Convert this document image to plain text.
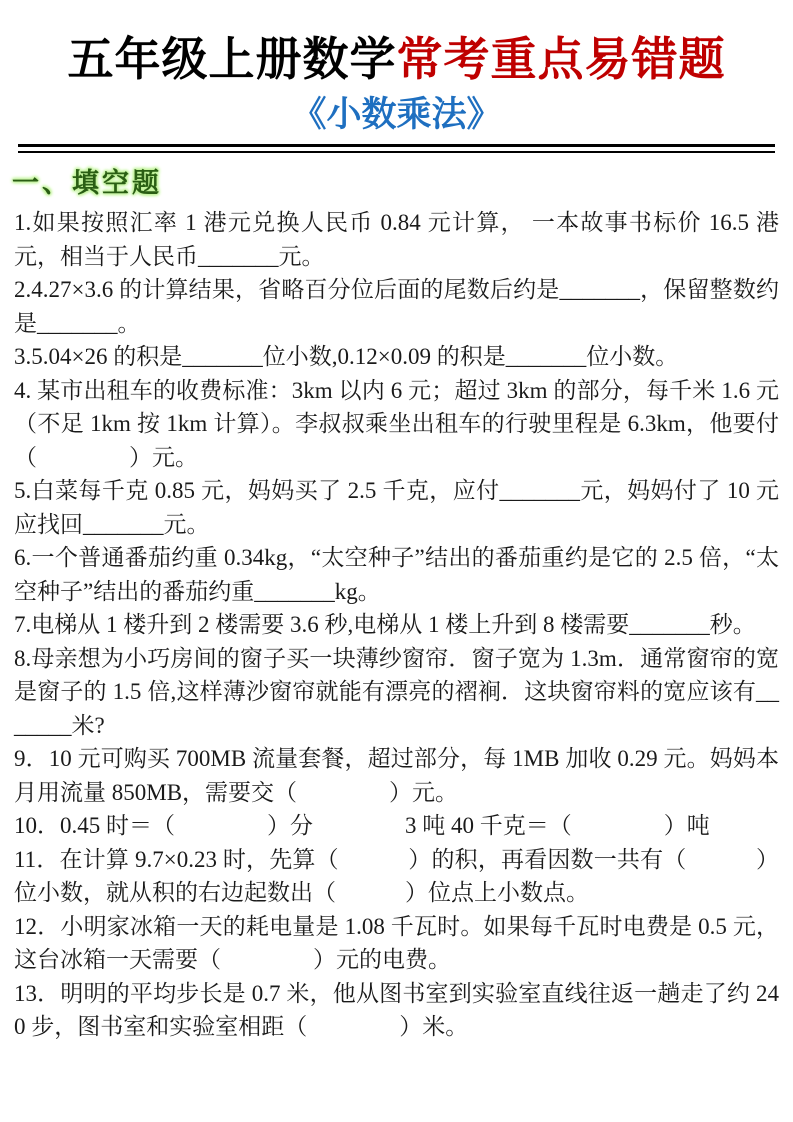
五年级上册数学常考重点易错题
《小数乘法》
一、填空题

1.如果按照汇率 1 港元兑换人民币 0.84 元计算， 一本故事书标价 16.5 港元，相当于人民币_______元。

2.4.27×3.6 的计算结果，省略百分位后面的尾数后约是_______，保留整数约是_______。

3.5.04×26 的积是_______位小数,0.12×0.09 的积是_______位小数。

4. 某市出租车的收费标准：3km 以内 6 元；超过 3km 的部分，每千米 1.6 元（不足 1km 按 1km 计算）。李叔叔乘坐出租车的行驶里程是 6.3km，他要付（　　　　）元。

5.白菜每千克 0.85 元，妈妈买了 2.5 千克，应付_______元，妈妈付了 10 元应找回_______元。

6.一个普通番茄约重 0.34kg，“太空种子”结出的番茄重约是它的 2.5 倍，“太空种子”结出的番茄约重_______kg。

7.电梯从 1 楼升到 2 楼需要 3.6 秒,电梯从 1 楼上升到 8 楼需要_______秒。

8.母亲想为小巧房间的窗子买一块薄纱窗帘．窗子宽为 1.3m．通常窗帘的宽是窗子的 1.5 倍,这样薄沙窗帘就能有漂亮的褶裥．这块窗帘料的宽应该有_______米?

9．10 元可购买 700MB 流量套餐，超过部分，每 1MB 加收 0.29 元。妈妈本月用流量 850MB，需要交（　　　　）元。

10．0.45 时＝（　　　　）分　　　　3 吨 40 千克＝（　　　　）吨

11．在计算 9.7×0.23 时，先算（　　　）的积，再看因数一共有（　　　）位小数，就从积的右边起数出（　　　）位点上小数点。

12．小明家冰箱一天的耗电量是 1.08 千瓦时。如果每千瓦时电费是 0.5 元，这台冰箱一天需要（　　　　）元的电费。

13．明明的平均步长是 0.7 米，他从图书室到实验室直线往返一趟走了约 240 步，图书室和实验室相距（　　　　）米。
